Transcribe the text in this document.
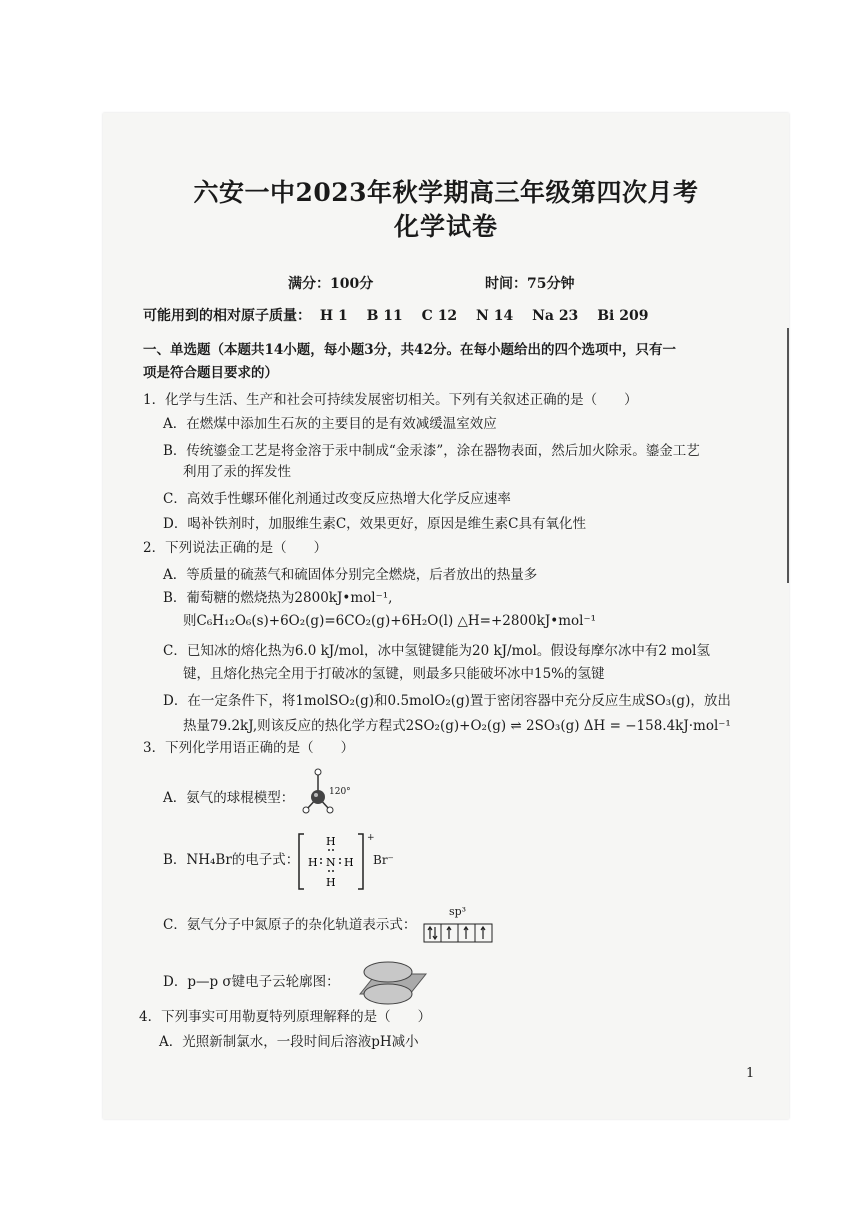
六安一中2023年秋学期高三年级第四次月考
化学试卷
满分：100分	时间：75分钟
可能用到的相对原子质量： H 1 B 11 C 12 N 14 Na 23 Bi 209
一、单选题（本题共14小题，每小题3分，共42分。在每小题给出的四个选项中，只有一
项是符合题目要求的）
1．化学与生活、生产和社会可持续发展密切相关。下列有关叙述正确的是（　　）
A．在燃煤中添加生石灰的主要目的是有效减缓温室效应
B．传统鎏金工艺是将金溶于汞中制成“金汞漆”，涂在器物表面，然后加火除汞。鎏金工艺
利用了汞的挥发性
C．高效手性螺环催化剂通过改变反应热增大化学反应速率
D．喝补铁剂时，加服维生素C，效果更好，原因是维生素C具有氧化性
2．下列说法正确的是（　　）
A．等质量的硫蒸气和硫固体分别完全燃烧，后者放出的热量多
B．葡萄糖的燃烧热为2800kJ•mol⁻¹,
则C₆H₁₂O₆(s)+6O₂(g)=6CO₂(g)+6H₂O(l) △H=+2800kJ•mol⁻¹
C．已知冰的熔化热为6.0 kJ/mol，冰中氢键键能为20 kJ/mol。假设每摩尔冰中有2 mol氢
键，且熔化热完全用于打破冰的氢键，则最多只能破坏冰中15%的氢键
D．在一定条件下，将1molSO₂(g)和0.5molO₂(g)置于密闭容器中充分反应生成SO₃(g)，放出
热量79.2kJ,则该反应的热化学方程式2SO₂(g)+O₂(g) ⇌ 2SO₃(g) ΔH = −158.4kJ·mol⁻¹
3．下列化学用语正确的是（　　）
A．氨气的球棍模型：	120°
B．NH₄Br的电子式：
H
H N H
H
+
Br⁻
C．氨气分子中氮原子的杂化轨道表示式：
sp³
D．p—p σ键电子云轮廓图：
4．下列事实可用勒夏特列原理解释的是（　　）
A．光照新制氯水，一段时间后溶液pH减小
1
